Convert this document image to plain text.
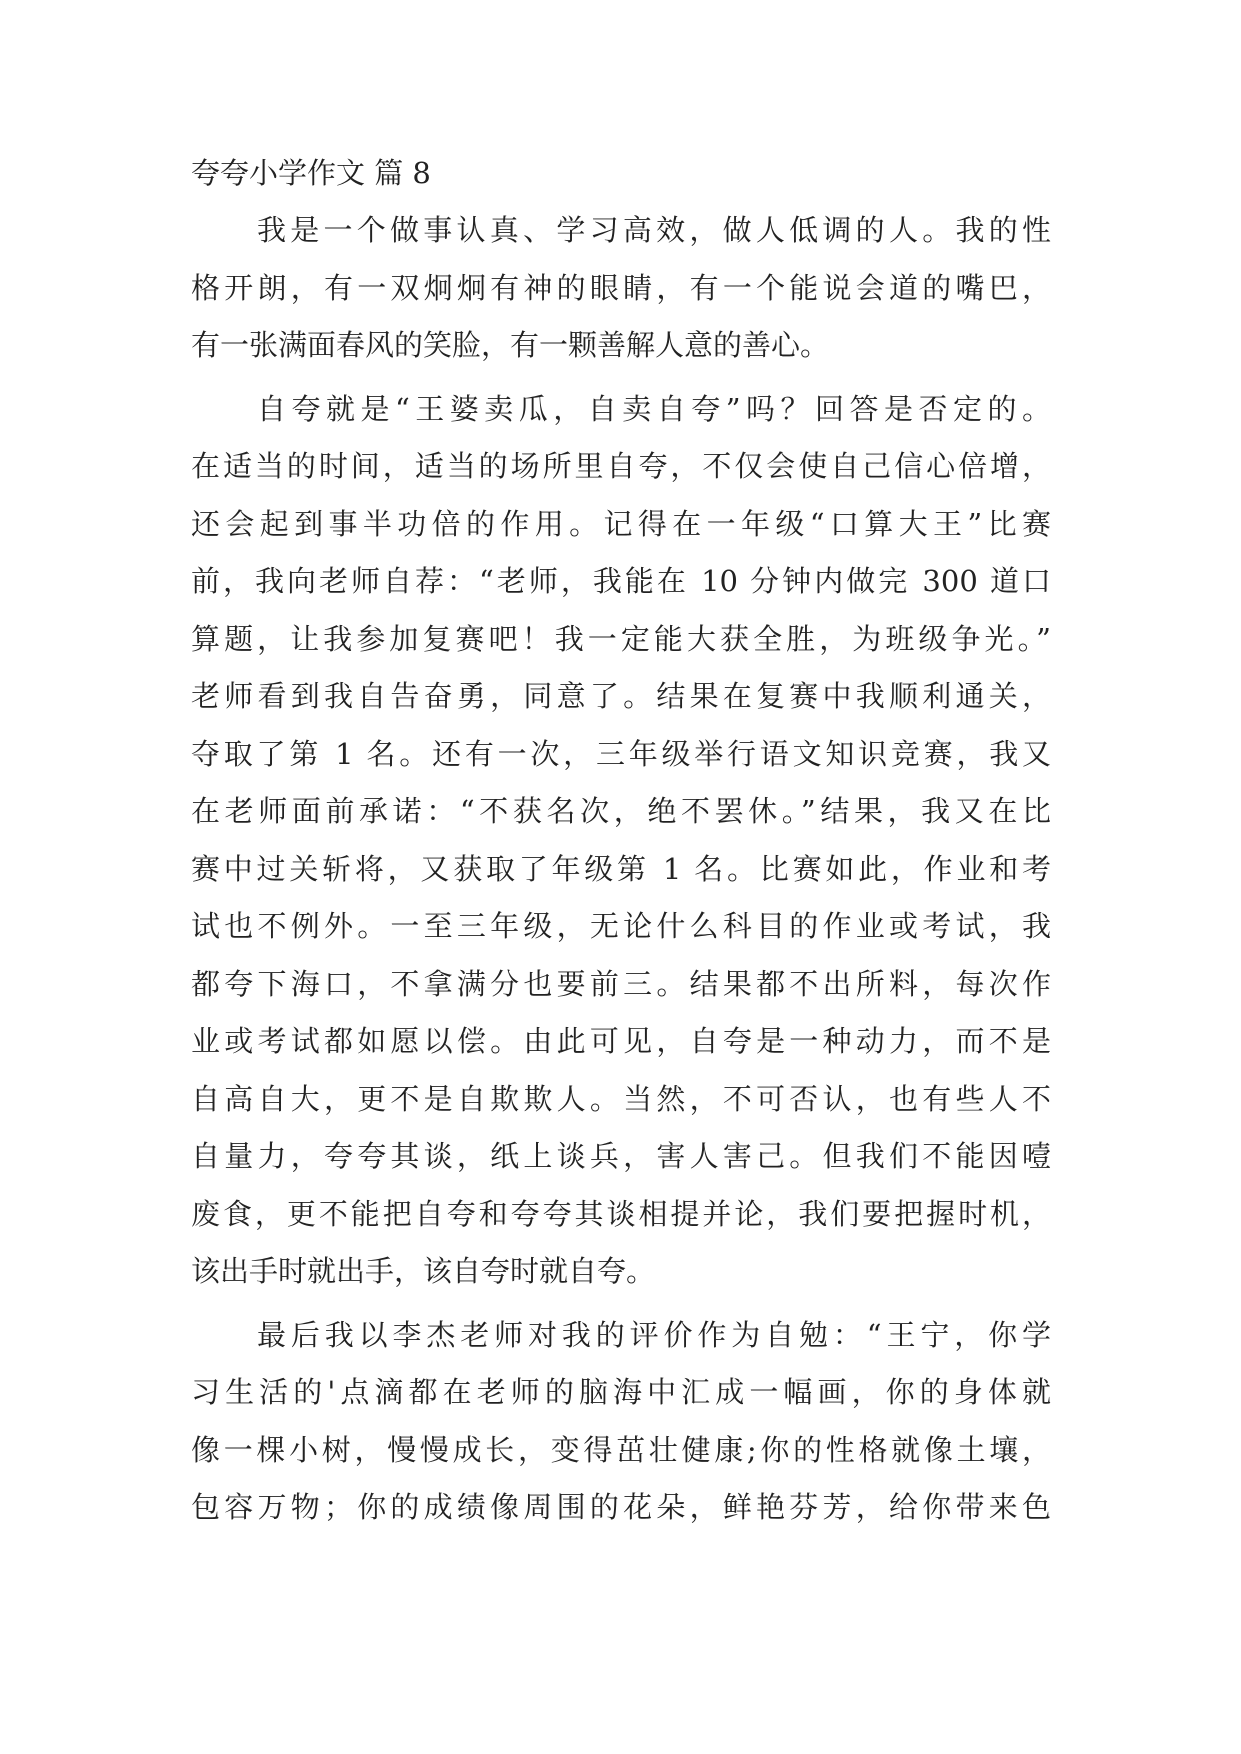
夸夸小学作文 篇 8
我是一个做事认真、学习高效，做人低调的人。我的性
格开朗，有一双炯炯有神的眼睛，有一个能说会道的嘴巴，
有一张满面春风的笑脸，有一颗善解人意的善心。
自夸就是“王婆卖瓜，自卖自夸”吗？回答是否定的。
在适当的时间，适当的场所里自夸，不仅会使自己信心倍增，
还会起到事半功倍的作用。记得在一年级“口算大王”比赛
前，我向老师自荐：“老师，我能在 10 分钟内做完 300 道口
算题，让我参加复赛吧！我一定能大获全胜，为班级争光。”
老师看到我自告奋勇，同意了。结果在复赛中我顺利通关，
夺取了第 1 名。还有一次，三年级举行语文知识竞赛，我又
在老师面前承诺：“不获名次，绝不罢休。”结果，我又在比
赛中过关斩将，又获取了年级第 1 名。比赛如此，作业和考
试也不例外。一至三年级，无论什么科目的作业或考试，我
都夸下海口，不拿满分也要前三。结果都不出所料，每次作
业或考试都如愿以偿。由此可见，自夸是一种动力，而不是
自高自大，更不是自欺欺人。当然，不可否认，也有些人不
自量力，夸夸其谈，纸上谈兵，害人害己。但我们不能因噎
废食，更不能把自夸和夸夸其谈相提并论，我们要把握时机，
该出手时就出手，该自夸时就自夸。
最后我以李杰老师对我的评价作为自勉：“王宁，你学
习生活的'点滴都在老师的脑海中汇成一幅画，你的身体就
像一棵小树，慢慢成长，变得茁壮健康;你的性格就像土壤，
包容万物；你的成绩像周围的花朵，鲜艳芬芳，给你带来色
